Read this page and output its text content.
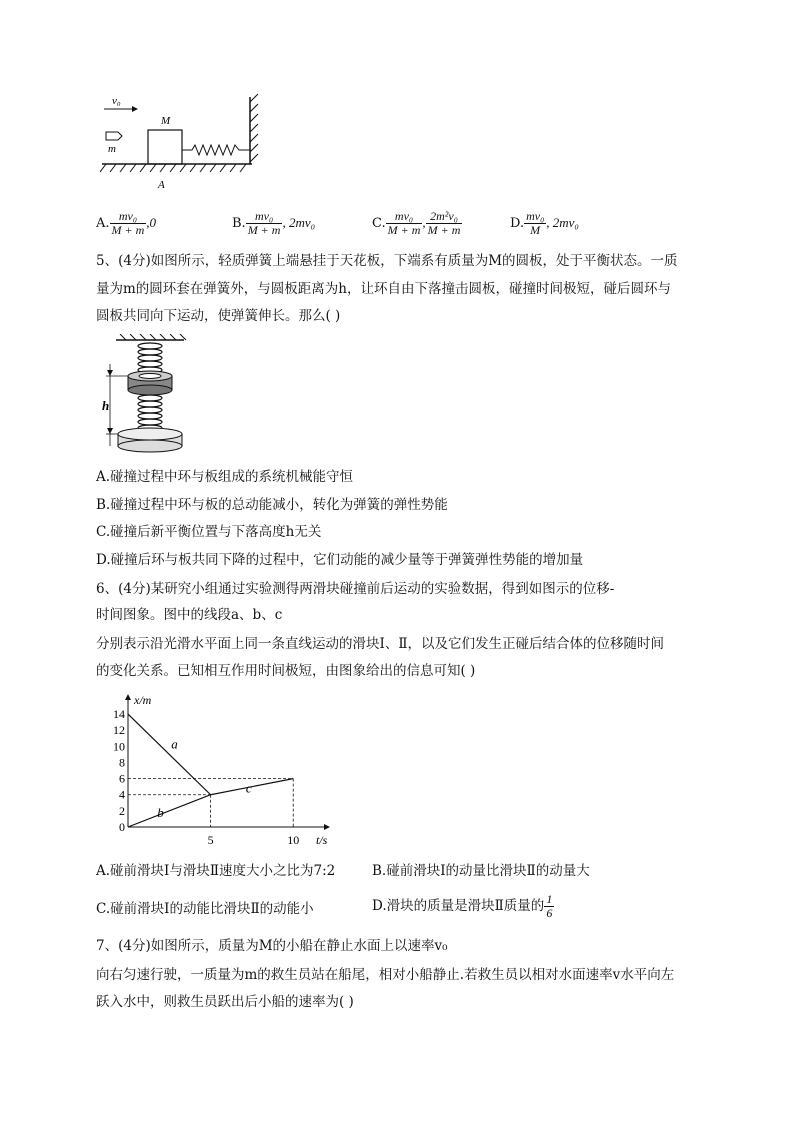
v₀
m
M
A
A. $\frac{\text{mv₀}}{M + m} ,0$	B. $\frac{\text{mv₀}}{M + m}$ , 2mv₀	C. $\frac{\text{mv₀}}{M + m}$ , $\frac{\text{2m²v₀}}{M + m}$	D. $\frac{\text{mv₀}}{M}$ , 2mv₀
5、(4分)如图所示，轻质弹簧上端悬挂于天花板，下端系有质量为M的圆板，处于平衡状态。一质
量为m的圆环套在弹簧外，与圆板距离为h，让环自由下落撞击圆板，碰撞时间极短，碰后圆环与
圆板共同向下运动，使弹簧伸长。那么( )
h
A.碰撞过程中环与板组成的系统机械能守恒
B.碰撞过程中环与板的总动能减小，转化为弹簧的弹性势能
C.碰撞后新平衡位置与下落高度h无关
D.碰撞后环与板共同下降的过程中，它们动能的减少量等于弹簧弹性势能的增加量
6、(4分)某研究小组通过实验测得两滑块碰撞前后运动的实验数据，得到如图示的位移-
时间图象。图中的线段a、b、c
分别表示沿光滑水平面上同一条直线运动的滑块Ⅰ、Ⅱ，以及它们发生正碰后结合体的位移随时间
的变化关系。已知相互作用时间极短，由图象给出的信息可知( )
x/m
t/s
0
2
4
6
8
10
12
14
5	10
a
b
c
A.碰前滑块Ⅰ与滑块Ⅱ速度大小之比为7:2	B.碰前滑块Ⅰ的动量比滑块Ⅱ的动量大
C.碰前滑块Ⅰ的动能比滑块Ⅱ的动能小	D.滑块的质量是滑块Ⅱ质量的 $\frac{1}{6}$
7、(4分)如图所示，质量为M的小船在静止水面上以速率v₀
向右匀速行驶，一质量为m的救生员站在船尾，相对小船静止.若救生员以相对水面速率v水平向左
跃入水中，则救生员跃出后小船的速率为( )
